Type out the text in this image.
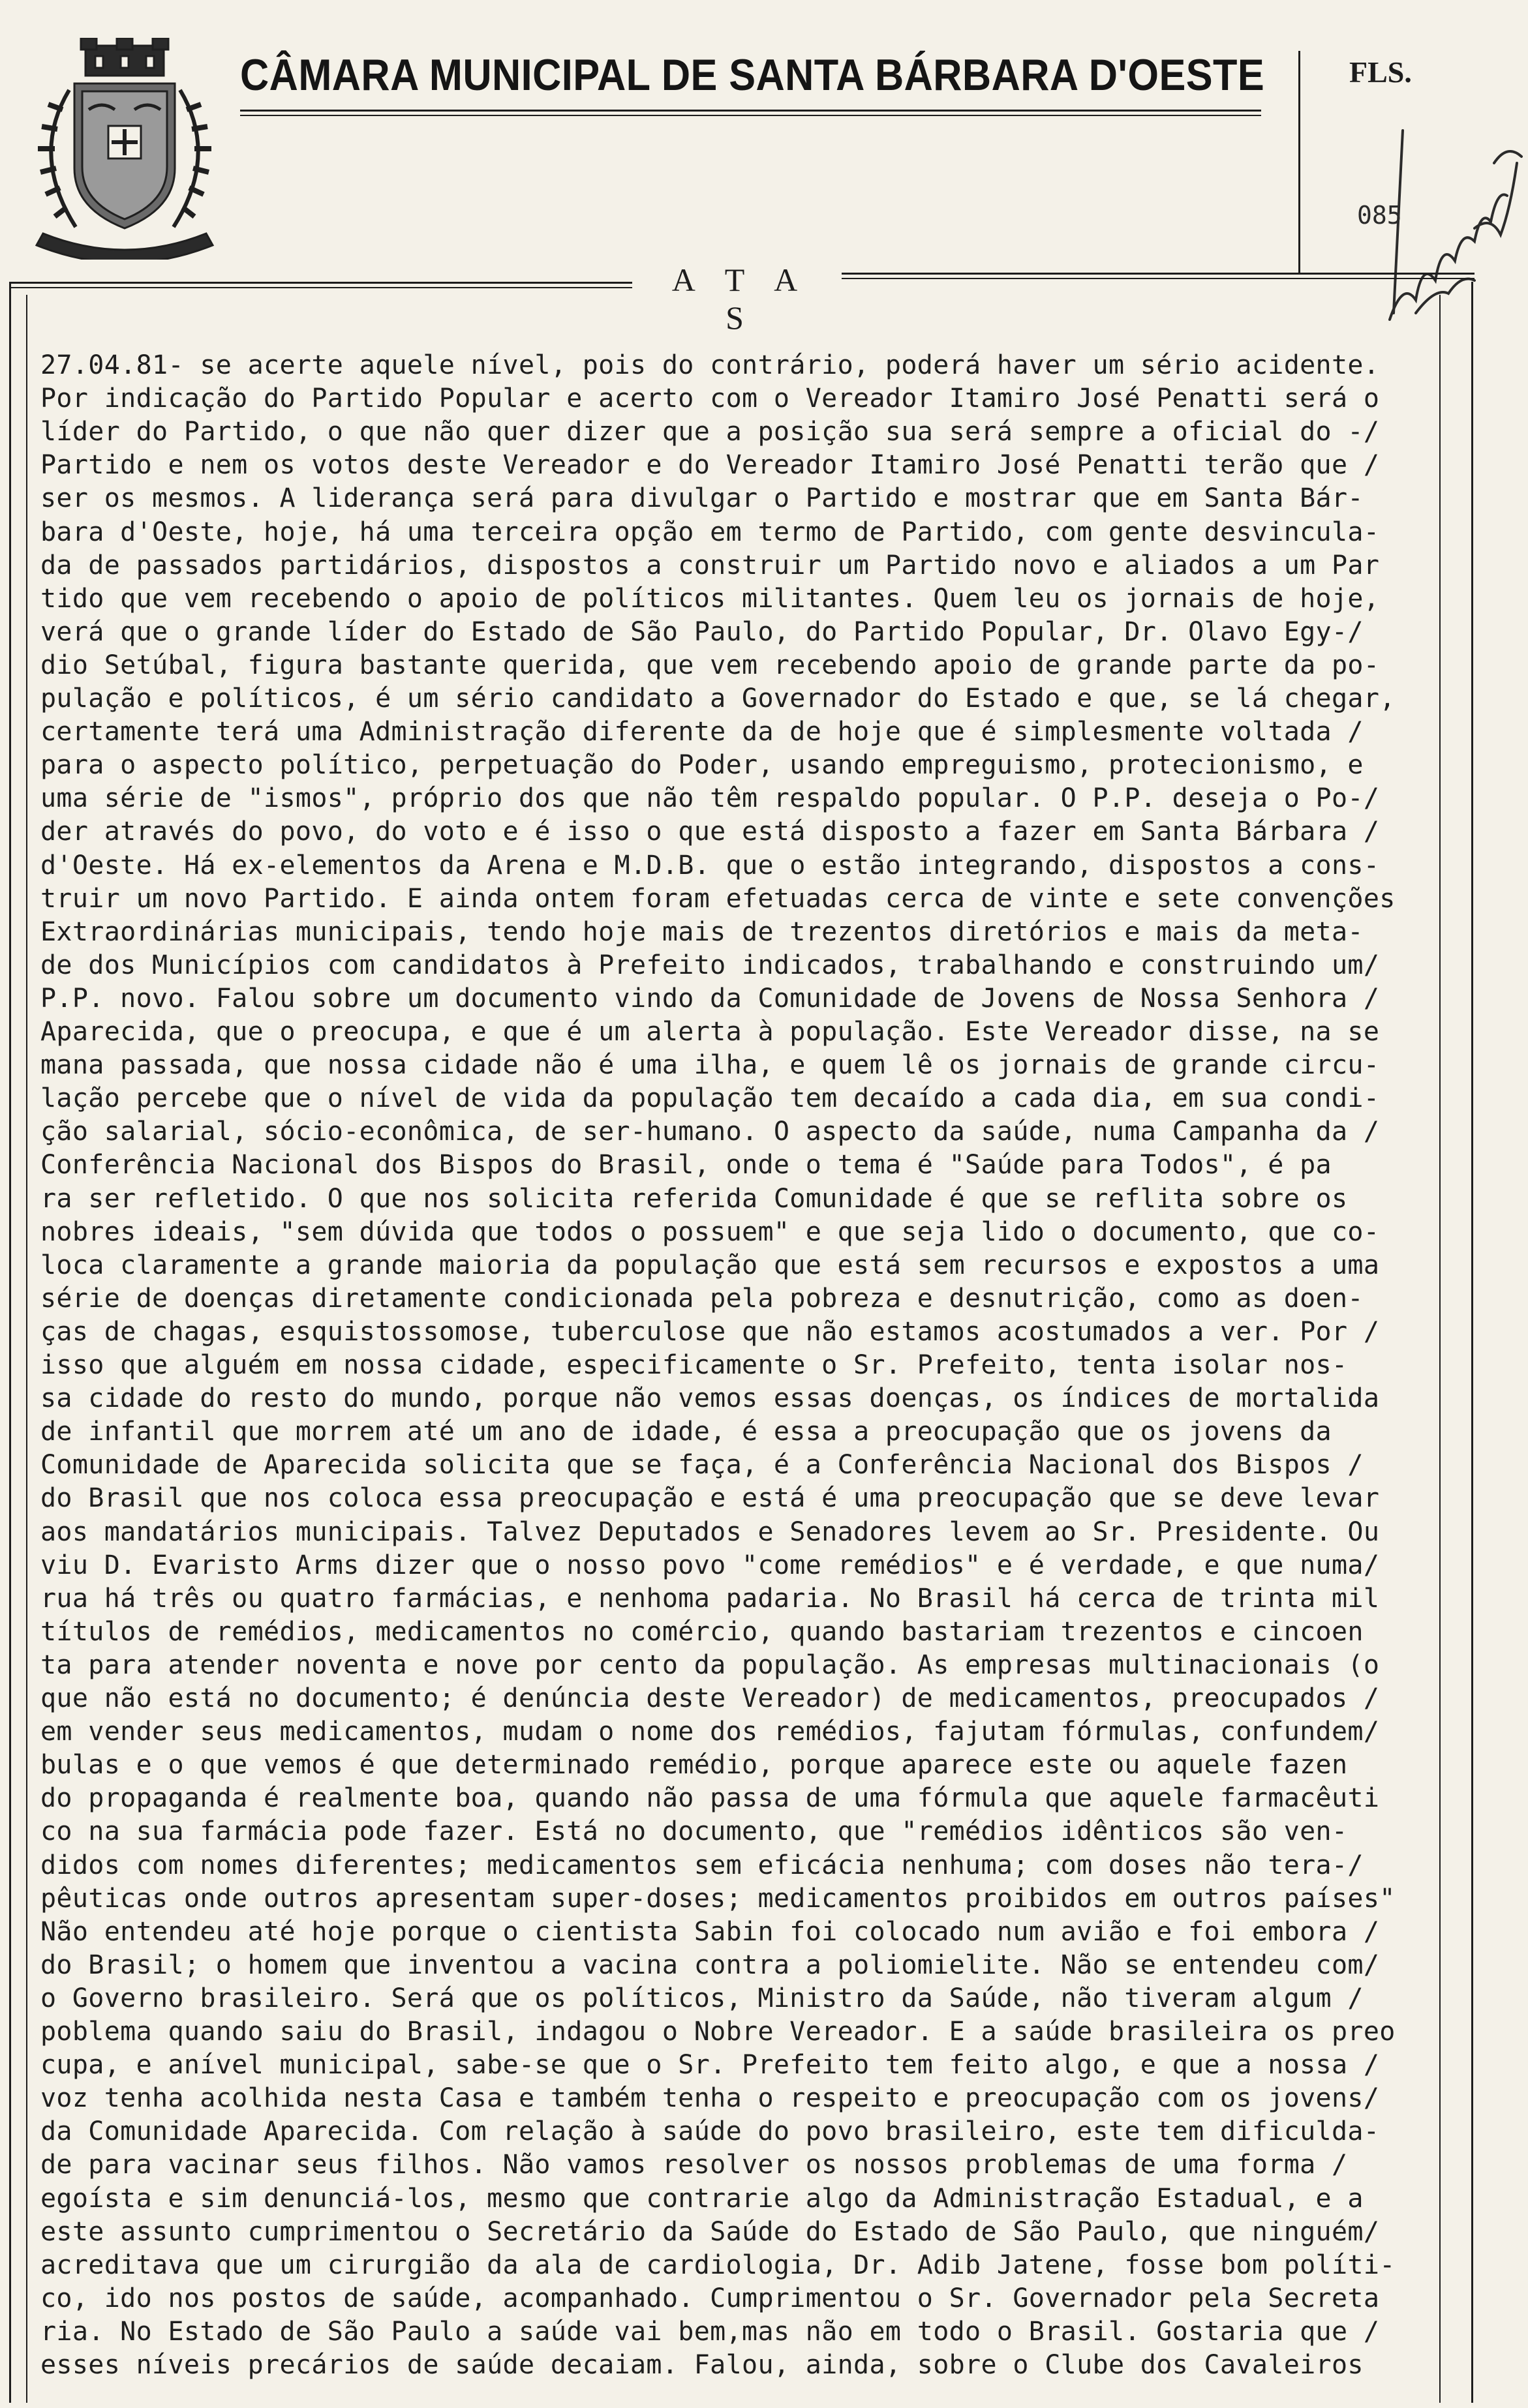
CÂMARA MUNICIPAL DE SANTA BÁRBARA D'OESTE	FLS.
085
A T A S
27.04.81- se acerte aquele nível, pois do contrário, poderá haver um sério acidente.
Por indicação do Partido Popular e acerto com o Vereador Itamiro José Penatti será o
líder do Partido, o que não quer dizer que a posição sua será sempre a oficial do -/
Partido e nem os votos deste Vereador e do Vereador Itamiro José Penatti terão que /
ser os mesmos. A liderança será para divulgar o Partido e mostrar que em Santa Bár-
bara d'Oeste, hoje, há uma terceira opção em termo de Partido, com gente desvincula-
da de passados partidários, dispostos a construir um Partido novo e aliados a um Par
tido que vem recebendo o apoio de políticos militantes. Quem leu os jornais de hoje,
verá que o grande líder do Estado de São Paulo, do Partido Popular, Dr. Olavo Egy-/
dio Setúbal, figura bastante querida, que vem recebendo apoio de grande parte da po-
pulação e políticos, é um sério candidato a Governador do Estado e que, se lá chegar,
certamente terá uma Administração diferente da de hoje que é simplesmente voltada /
para o aspecto político, perpetuação do Poder, usando empreguismo, protecionismo, e
uma série de "ismos", próprio dos que não têm respaldo popular. O P.P. deseja o Po-/
der através do povo, do voto e é isso o que está disposto a fazer em Santa Bárbara /
d'Oeste. Há ex-elementos da Arena e M.D.B. que o estão integrando, dispostos a cons-
truir um novo Partido. E ainda ontem foram efetuadas cerca de vinte e sete convenções
Extraordinárias municipais, tendo hoje mais de trezentos diretórios e mais da meta-
de dos Municípios com candidatos à Prefeito indicados, trabalhando e construindo um/
P.P. novo. Falou sobre um documento vindo da Comunidade de Jovens de Nossa Senhora /
Aparecida, que o preocupa, e que é um alerta à população. Este Vereador disse, na se
mana passada, que nossa cidade não é uma ilha, e quem lê os jornais de grande circu-
lação percebe que o nível de vida da população tem decaído a cada dia, em sua condi-
ção salarial, sócio-econômica, de ser-humano. O aspecto da saúde, numa Campanha da /
Conferência Nacional dos Bispos do Brasil, onde o tema é "Saúde para Todos", é pa
ra ser refletido. O que nos solicita referida Comunidade é que se reflita sobre os
nobres ideais, "sem dúvida que todos o possuem" e que seja lido o documento, que co-
loca claramente a grande maioria da população que está sem recursos e expostos a uma
série de doenças diretamente condicionada pela pobreza e desnutrição, como as doen-
ças de chagas, esquistossomose, tuberculose que não estamos acostumados a ver. Por /
isso que alguém em nossa cidade, especificamente o Sr. Prefeito, tenta isolar nos-
sa cidade do resto do mundo, porque não vemos essas doenças, os índices de mortalida
de infantil que morrem até um ano de idade, é essa a preocupação que os jovens da
Comunidade de Aparecida solicita que se faça, é a Conferência Nacional dos Bispos /
do Brasil que nos coloca essa preocupação e está é uma preocupação que se deve levar
aos mandatários municipais. Talvez Deputados e Senadores levem ao Sr. Presidente. Ou
viu D. Evaristo Arms dizer que o nosso povo "come remédios" e é verdade, e que numa/
rua há três ou quatro farmácias, e nenhoma padaria. No Brasil há cerca de trinta mil
títulos de remédios, medicamentos no comércio, quando bastariam trezentos e cincoen
ta para atender noventa e nove por cento da população. As empresas multinacionais (o
que não está no documento; é denúncia deste Vereador) de medicamentos, preocupados /
em vender seus medicamentos, mudam o nome dos remédios, fajutam fórmulas, confundem/
bulas e o que vemos é que determinado remédio, porque aparece este ou aquele fazen
do propaganda é realmente boa, quando não passa de uma fórmula que aquele farmacêuti
co na sua farmácia pode fazer. Está no documento, que "remédios idênticos são ven-
didos com nomes diferentes; medicamentos sem eficácia nenhuma; com doses não tera-/
pêuticas onde outros apresentam super-doses; medicamentos proibidos em outros países"
Não entendeu até hoje porque o cientista Sabin foi colocado num avião e foi embora /
do Brasil; o homem que inventou a vacina contra a poliomielite. Não se entendeu com/
o Governo brasileiro. Será que os políticos, Ministro da Saúde, não tiveram algum /
poblema quando saiu do Brasil, indagou o Nobre Vereador. E a saúde brasileira os preo
cupa, e anível municipal, sabe-se que o Sr. Prefeito tem feito algo, e que a nossa /
voz tenha acolhida nesta Casa e também tenha o respeito e preocupação com os jovens/
da Comunidade Aparecida. Com relação à saúde do povo brasileiro, este tem dificulda-
de para vacinar seus filhos. Não vamos resolver os nossos problemas de uma forma /
egoísta e sim denunciá-los, mesmo que contrarie algo da Administração Estadual, e a
este assunto cumprimentou o Secretário da Saúde do Estado de São Paulo, que ninguém/
acreditava que um cirurgião da ala de cardiologia, Dr. Adib Jatene, fosse bom políti-
co, ido nos postos de saúde, acompanhado. Cumprimentou o Sr. Governador pela Secreta
ria. No Estado de São Paulo a saúde vai bem,mas não em todo o Brasil. Gostaria que /
esses níveis precários de saúde decaiam. Falou, ainda, sobre o Clube dos Cavaleiros
